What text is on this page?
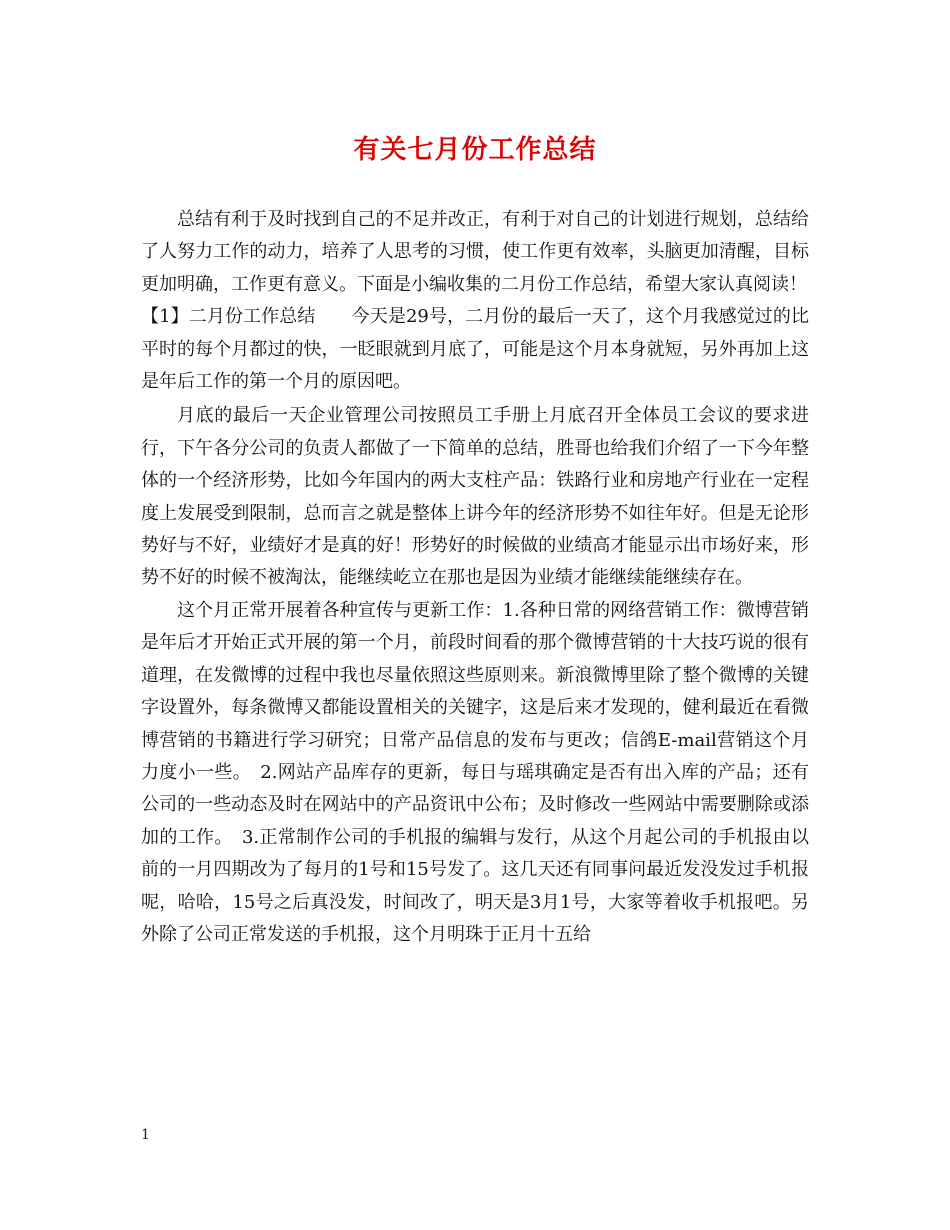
有关七月份工作总结

总结有利于及时找到自己的不足并改正，有利于对自己的计划进行规划，总结给了人努力工作的动力，培养了人思考的习惯，使工作更有效率，头脑更加清醒，目标更加明确，工作更有意义。下面是小编收集的二月份工作总结，希望大家认真阅读！

【1】二月份工作总结　　今天是29号，二月份的最后一天了，这个月我感觉过的比平时的每个月都过的快，一眨眼就到月底了，可能是这个月本身就短，另外再加上这是年后工作的第一个月的原因吧。

月底的最后一天企业管理公司按照员工手册上月底召开全体员工会议的要求进行，下午各分公司的负责人都做了一下简单的总结，胜哥也给我们介绍了一下今年整体的一个经济形势，比如今年国内的两大支柱产品：铁路行业和房地产行业在一定程度上发展受到限制，总而言之就是整体上讲今年的经济形势不如往年好。但是无论形势好与不好，业绩好才是真的好！形势好的时候做的业绩高才能显示出市场好来，形势不好的时候不被淘汰，能继续屹立在那也是因为业绩才能继续能继续存在。

这个月正常开展着各种宣传与更新工作：1.各种日常的网络营销工作：微博营销是年后才开始正式开展的第一个月，前段时间看的那个微博营销的十大技巧说的很有道理，在发微博的过程中我也尽量依照这些原则来。新浪微博里除了整个微博的关键字设置外，每条微博又都能设置相关的关键字，这是后来才发现的，健利最近在看微博营销的书籍进行学习研究；日常产品信息的发布与更改；信鸽E-mail营销这个月力度小一些。　2.网站产品库存的更新，每日与瑶琪确定是否有出入库的产品；还有公司的一些动态及时在网站中的产品资讯中公布；及时修改一些网站中需要删除或添加的工作。　3.正常制作公司的手机报的编辑与发行，从这个月起公司的手机报由以前的一月四期改为了每月的1号和15号发了。这几天还有同事问最近发没发过手机报呢，哈哈，15号之后真没发，时间改了，明天是3月1号，大家等着收手机报吧。另外除了公司正常发送的手机报，这个月明珠于正月十五给

1
